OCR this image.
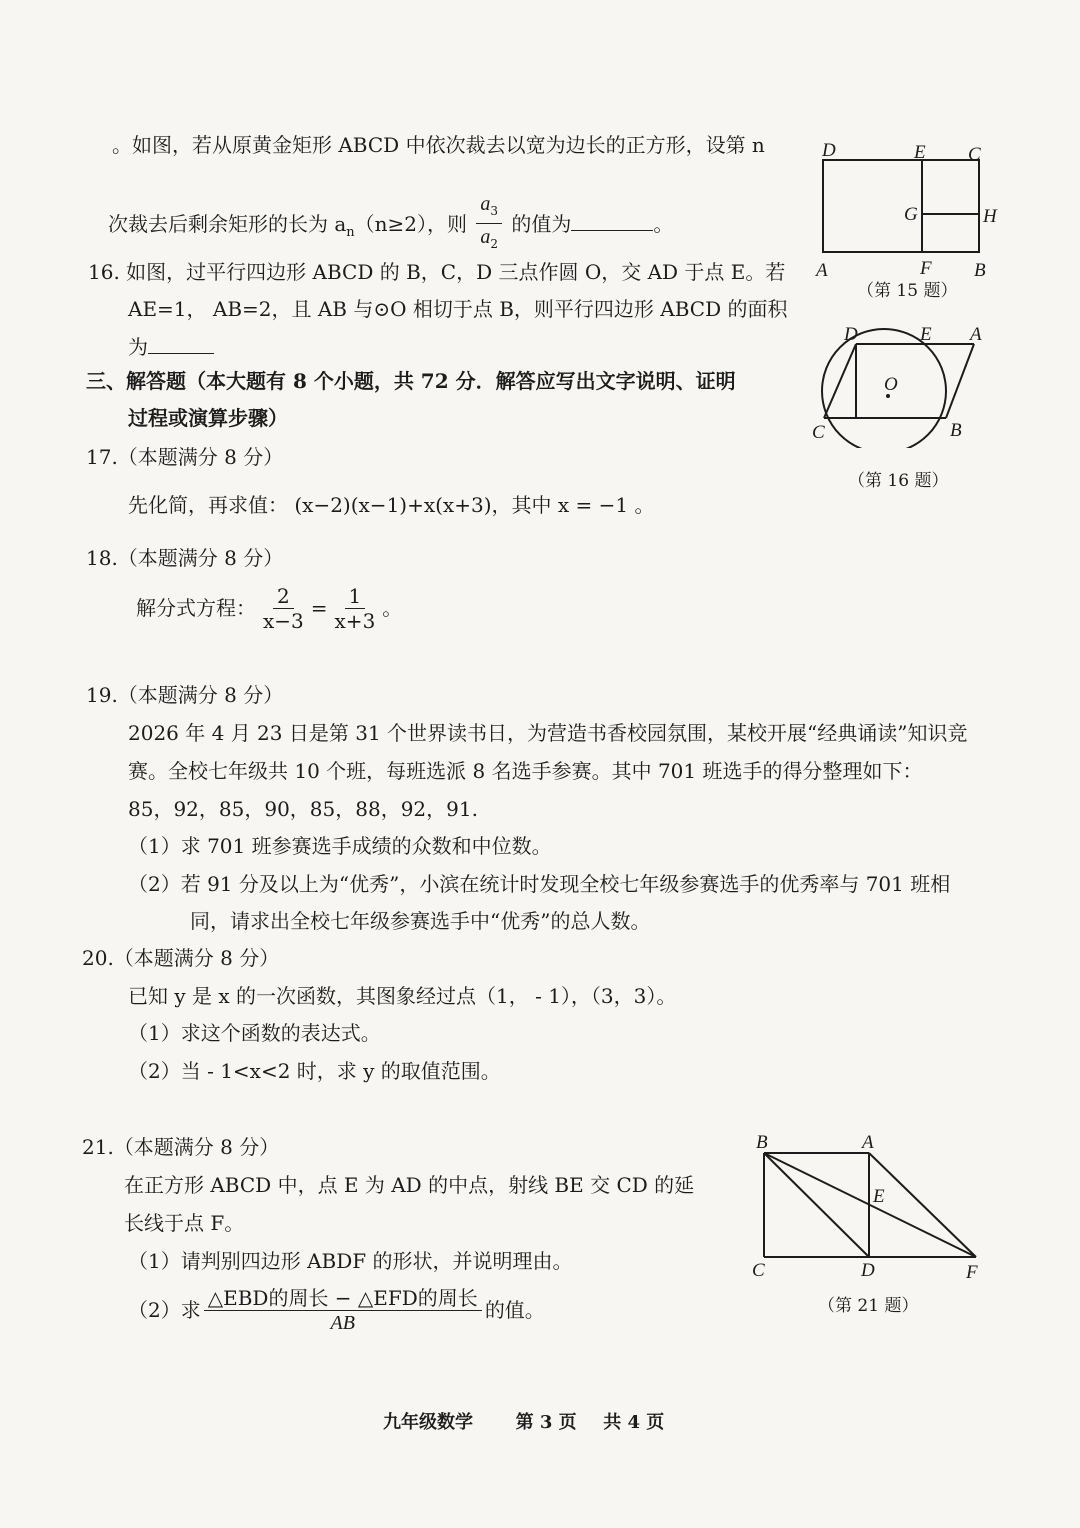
。如图，若从原黄金矩形 ABCD 中依次裁去以宽为边长的正方形，设第 n
次裁去后剩余矩形的长为 $a_n(n\ge 2)$，则 $\frac{a_3}{a_2}$ 的值为	。
D	E C
G	H
A	F B
（第 15 题）
16. 如图，过平行四边形 ABCD 的 B，C，D 三点作圆 O，交 AD 于点 E。若
AE=1， AB=2，且 AB 与⊙O 相切于点 B，则平行四边形 ABCD 的面积
为
D	E A
O
C	B
（第 16 题）
三、解答题（本大题有 8 个小题，共 72 分．解答应写出文字说明、证明
过程或演算步骤）
17.（本题满分 8 分）
先化简，再求值： (x−2)(x−1)+x(x+3)，其中 x = −1 。
18.（本题满分 8 分）
解分式方程： $\frac{2}{x-3} = \frac{1}{x+3}$ 。
19.（本题满分 8 分）
2026 年 4 月 23 日是第 31 个世界读书日，为营造书香校园氛围，某校开展“经典诵读”知识竞
赛。全校七年级共 10 个班，每班选派 8 名选手参赛。其中 701 班选手的得分整理如下：
85，92，85，90，85，88，92，91.
（1）求 701 班参赛选手成绩的众数和中位数。
（2）若 91 分及以上为“优秀”，小滨在统计时发现全校七年级参赛选手的优秀率与 701 班相
同，请求出全校七年级参赛选手中“优秀”的总人数。
20.（本题满分 8 分）
已知 y 是 x 的一次函数，其图象经过点（1， - 1），（3，3）。
（1）求这个函数的表达式。
（2）当 - 1<x<2 时，求 y 的取值范围。
21.（本题满分 8 分）
在正方形 ABCD 中，点 E 为 AD 的中点，射线 BE 交 CD 的延
长线于点 F。
（1）请判别四边形 ABDF 的形状，并说明理由。
（2）求 $\frac{\text{△EBD的周长 − △EFD的周长}}{AB}$ 的值。
B	A
E
C	D	F
（第 21 题）
九年级数学 第 3 页 共 4 页
